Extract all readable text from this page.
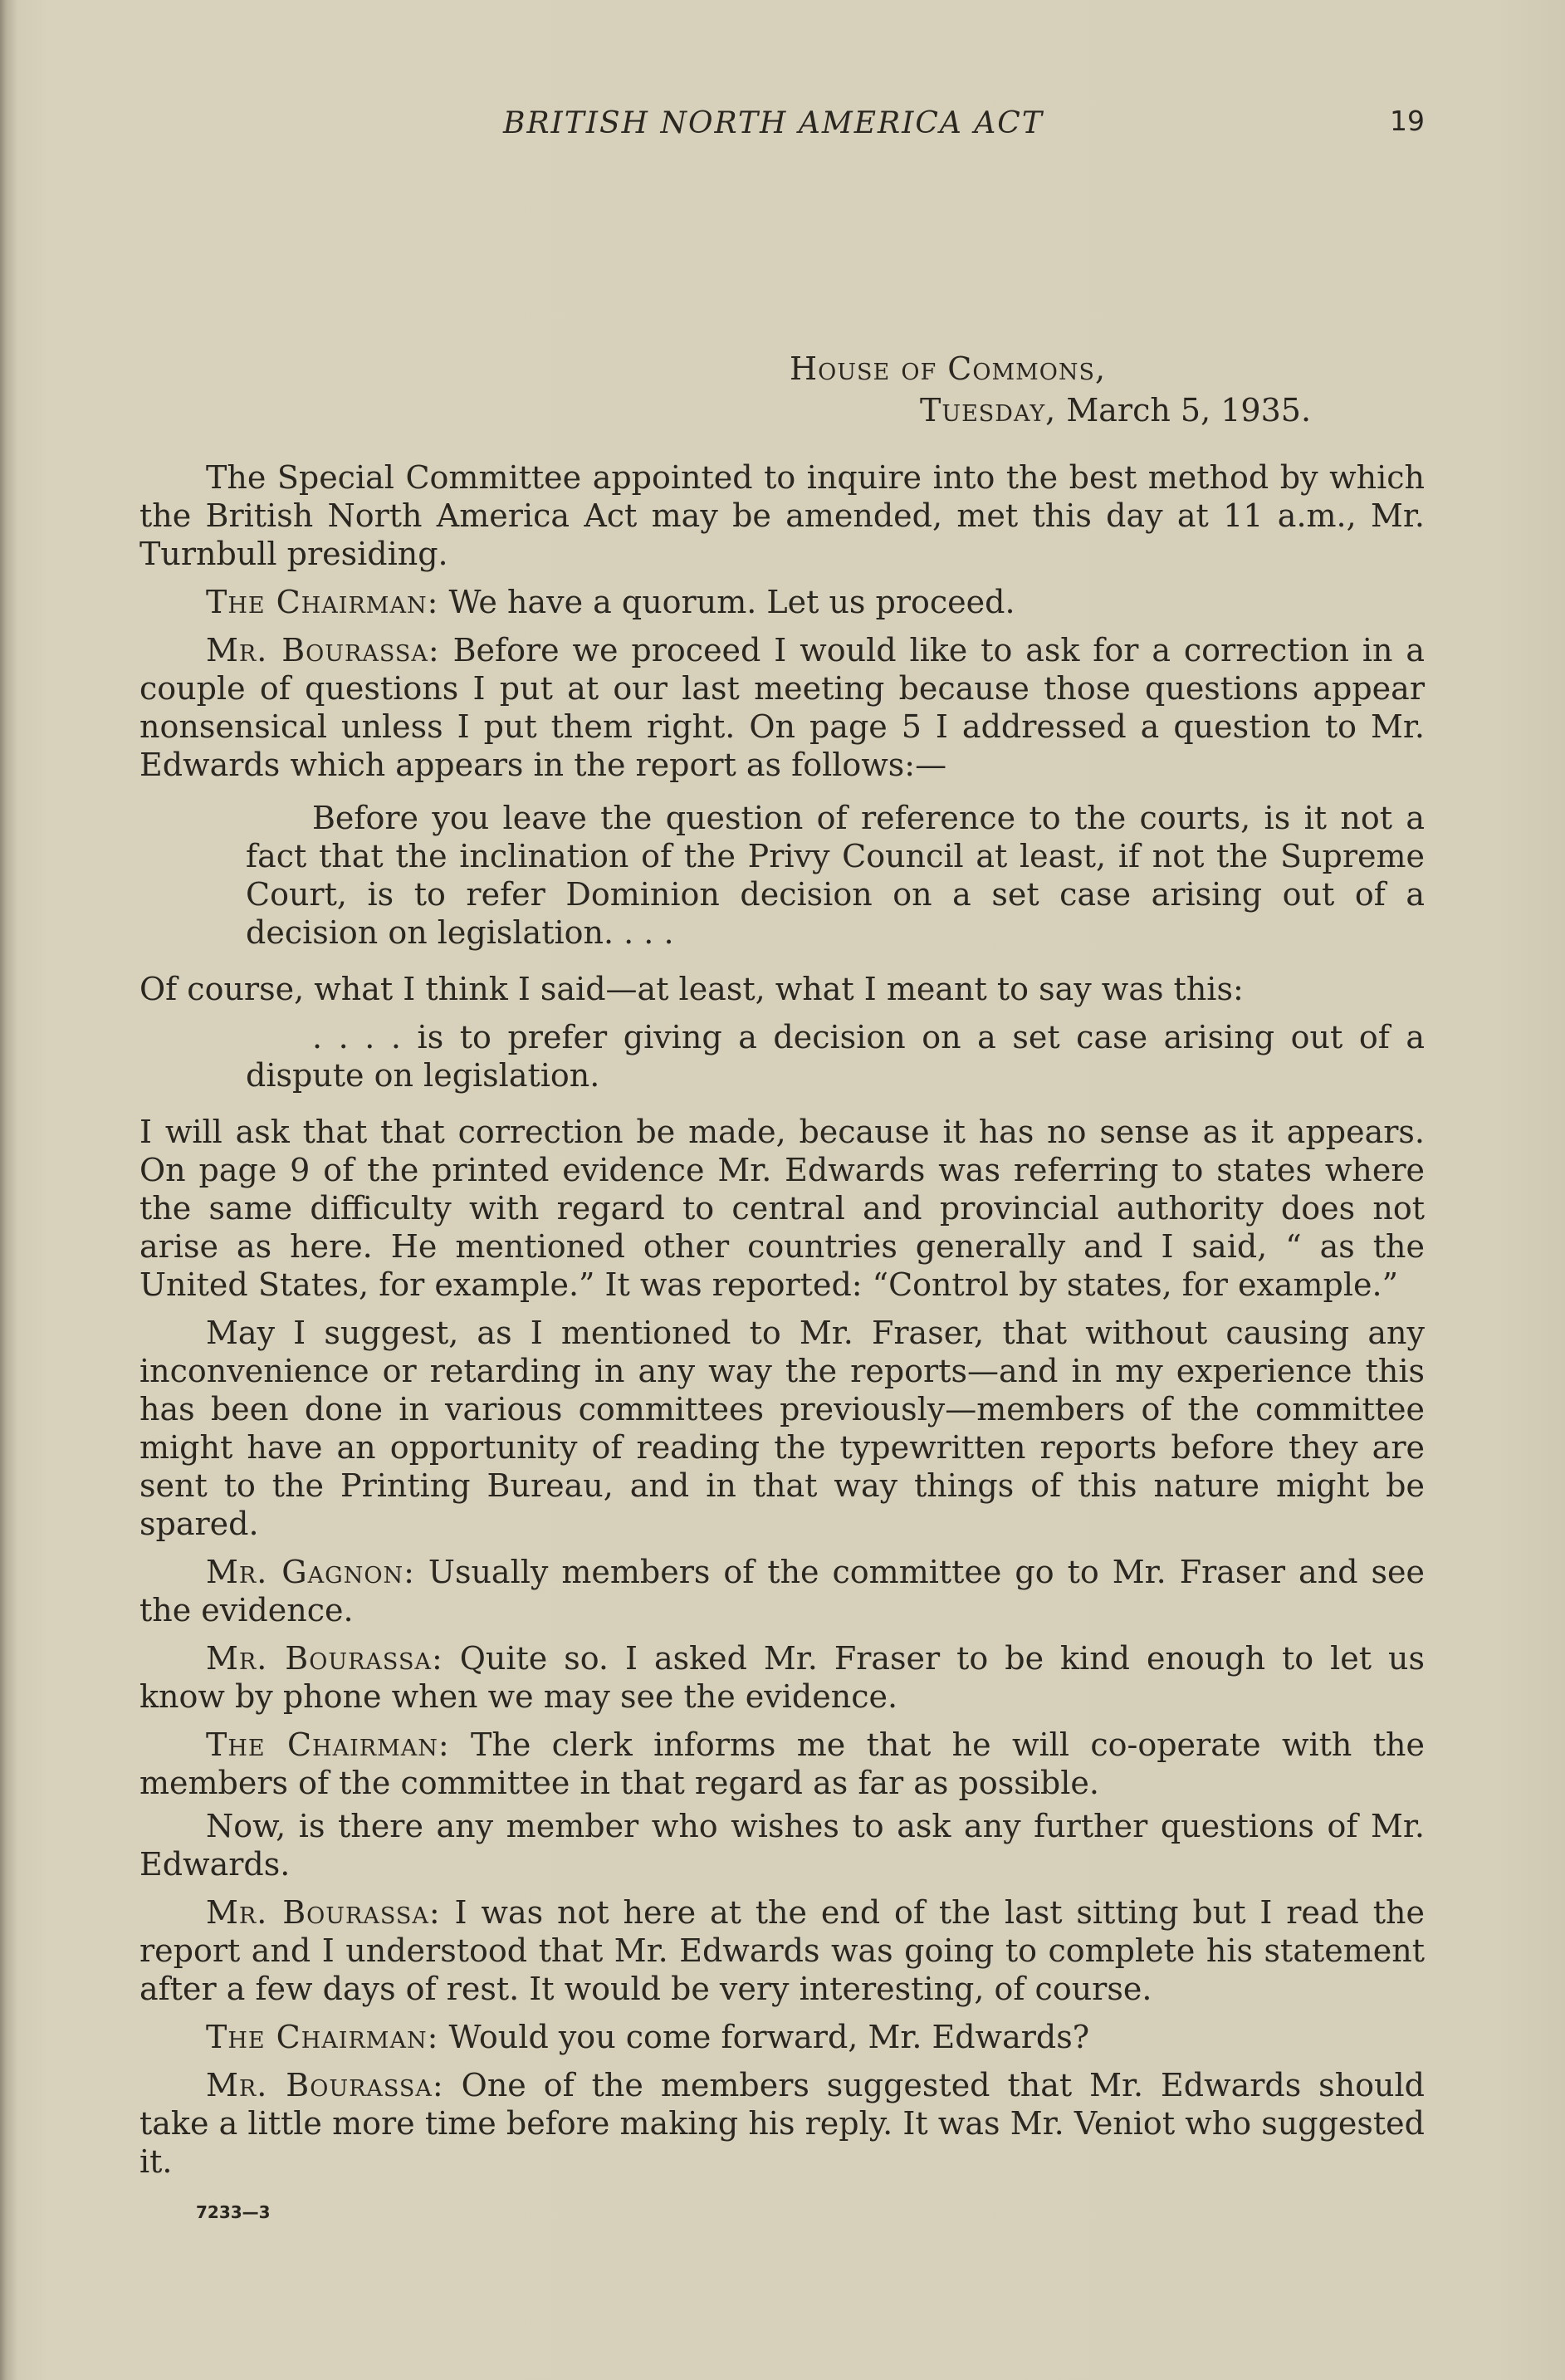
BRITISH NORTH AMERICA ACT	19
House of Commons,
Tuesday, March 5, 1935.

The Special Committee appointed to inquire into the best method by which the British North America Act may be amended, met this day at 11 a.m., Mr. Turnbull presiding.

The Chairman: We have a quorum. Let us proceed.

Mr. Bourassa: Before we proceed I would like to ask for a correction in a couple of questions I put at our last meeting because those questions appear nonsensical unless I put them right. On page 5 I addressed a question to Mr. Edwards which appears in the report as follows:—

Before you leave the question of reference to the courts, is it not a fact that the inclination of the Privy Council at least, if not the Supreme Court, is to refer Dominion decision on a set case arising out of a decision on legislation. . . .

Of course, what I think I said—at least, what I meant to say was this:

. . . . is to prefer giving a decision on a set case arising out of a dispute on legislation.

I will ask that that correction be made, because it has no sense as it appears. On page 9 of the printed evidence Mr. Edwards was referring to states where the same difficulty with regard to central and provincial authority does not arise as here. He mentioned other countries generally and I said, “ as the United States, for example.” It was reported: “Control by states, for example.”

May I suggest, as I mentioned to Mr. Fraser, that without causing any inconvenience or retarding in any way the reports—and in my experience this has been done in various committees previously—members of the committee might have an opportunity of reading the typewritten reports before they are sent to the Printing Bureau, and in that way things of this nature might be spared.

Mr. Gagnon: Usually members of the committee go to Mr. Fraser and see the evidence.

Mr. Bourassa: Quite so. I asked Mr. Fraser to be kind enough to let us know by phone when we may see the evidence.

The Chairman: The clerk informs me that he will co-operate with the members of the committee in that regard as far as possible.

Now, is there any member who wishes to ask any further questions of Mr. Edwards.

Mr. Bourassa: I was not here at the end of the last sitting but I read the report and I understood that Mr. Edwards was going to complete his statement after a few days of rest. It would be very interesting, of course.

The Chairman: Would you come forward, Mr. Edwards?

Mr. Bourassa: One of the members suggested that Mr. Edwards should take a little more time before making his reply. It was Mr. Veniot who suggested it.

7233—3
